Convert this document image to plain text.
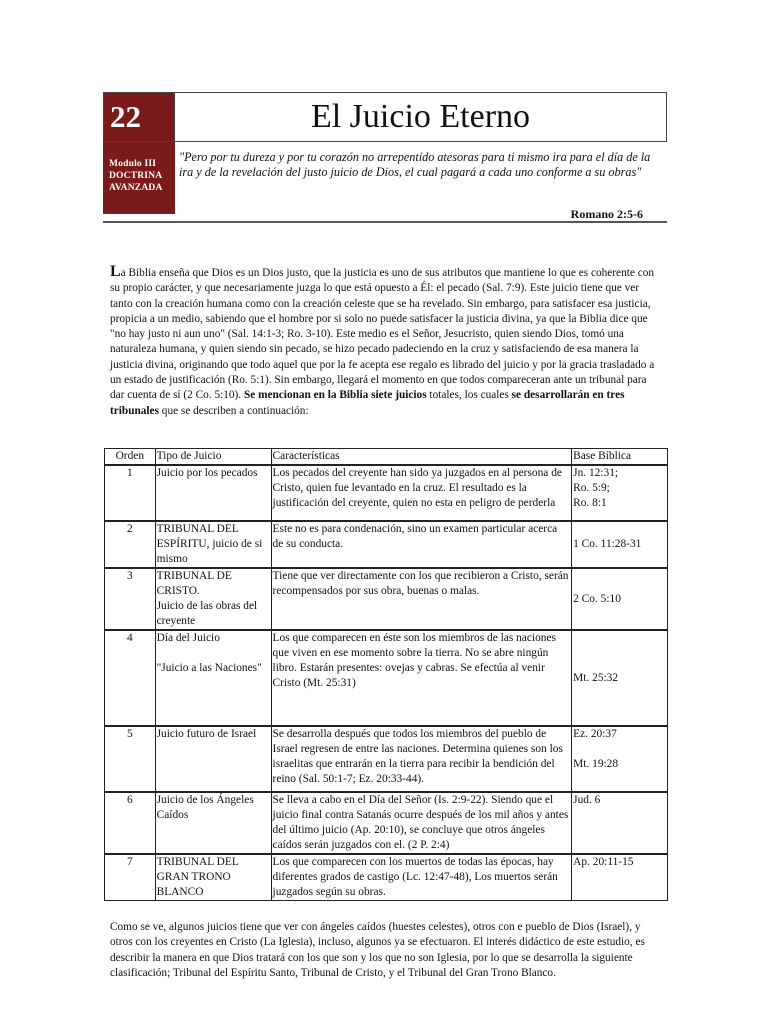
22	El Juicio Eterno
Modulo III
DOCTRINA
AVANZADA
"Pero por tu dureza y por tu corazón no arrepentido atesoras para ti mismo ira para el día de la ira y de la revelación del justo juicio de Dios, el cual pagará a cada uno conforme a su obras"
Romano 2:5-6
La Biblia enseña que Dios es un Dios justo, que la justicia es uno de sus atributos que mantiene lo que es coherente con su propio carácter, y que necesariamente juzga lo que está opuesto a Él: el pecado (Sal. 7:9). Este juicio tiene que ver tanto con la creación humana como con la creación celeste que se ha revelado. Sin embargo, para satisfacer esa justicia, propicia a un medio, sabiendo que el hombre por si solo no puede satisfacer la justicia divina, ya que la Biblia dice que "no hay justo ni aun uno" (Sal. 14:1-3; Ro. 3-10). Este medio es el Señor, Jesucristo, quien siendo Dios, tomó una naturaleza humana, y quien siendo sin pecado, se hizo pecado padeciendo en la cruz y satisfaciendo de esa manera la justicia divina, originando que todo aquel que por la fe acepta ese regalo es librado del juicio y por la gracia trasladado a un estado de justificación (Ro. 5:1). Sin embargo, llegará el momento en que todos compareceran ante un tribunal para dar cuenta de sí (2 Co. 5:10). Se mencionan en la Biblia siete juicios totales, los cuales se desarrollarán en tres tribunales que se describen a continuación:
Orden	Tipo de Juicio	Características	Base Bíblica
1	Juicio por los pecados	Los pecados del creyente han sido ya juzgados en al persona de Cristo, quien fue levantado en la cruz. El resultado es la justificación del creyente, quien no esta en peligro de perderla	Jn. 12:31;
Ro. 5:9;
Ro. 8:1
2	TRIBUNAL DEL ESPÍRITU, juicio de si mismo	Este no es para condenación, sino un examen particular acerca de su conducta.	1 Co. 11:28-31
3	TRIBUNAL DE CRISTO.
Juicio de las obras del creyente	Tiene que ver directamente con los que recibieron a Cristo, serán recompensados por sus obra, buenas o malas.	2 Co. 5:10
4	Día del Juicio

"Juicio a las Naciones"	Los que comparecen en éste son los miembros de las naciones que viven en ese momento sobre la tierra. No se abre ningún libro. Estarán presentes: ovejas y cabras. Se efectúa al venir Cristo (Mt. 25:31)	Mt. 25:32
5	Juicio futuro de Israel	Se desarrolla después que todos los miembros del pueblo de Israel regresen de entre las naciones. Determina quienes son los israelitas que entrarán en la tierra para recibir la bendición del reino (Sal. 50:1-7; Ez. 20:33-44).	Ez. 20:37

Mt. 19:28
6	Juicio de los Ángeles Caídos	Se lleva a cabo en el Día del Señor (Is. 2:9-22). Siendo que el juicio final contra Satanás ocurre después de los mil años y antes del último juicio (Ap. 20:10), se concluye que otros ángeles caídos serán juzgados con el. (2 P. 2:4)	Jud. 6
7	TRIBUNAL DEL GRAN TRONO BLANCO	Los que comparecen con los muertos de todas las épocas, hay diferentes grados de castigo (Lc. 12:47-48), Los muertos serán juzgados según su obras.	Ap. 20:11-15
Como se ve, algunos juicios tiene que ver con ángeles caídos (huestes celestes), otros con e pueblo de Dios (Israel), y otros con los creyentes en Cristo (La Iglesia), incluso, algunos ya se efectuaron. El interés didáctico de este estudio, es describir la manera en que Dios tratará con los que son y los que no son Iglesia, por lo que se desarrolla la siguiente clasificación; Tribunal del Espíritu Santo, Tribunal de Cristo, y el Tribunal del Gran Trono Blanco.
